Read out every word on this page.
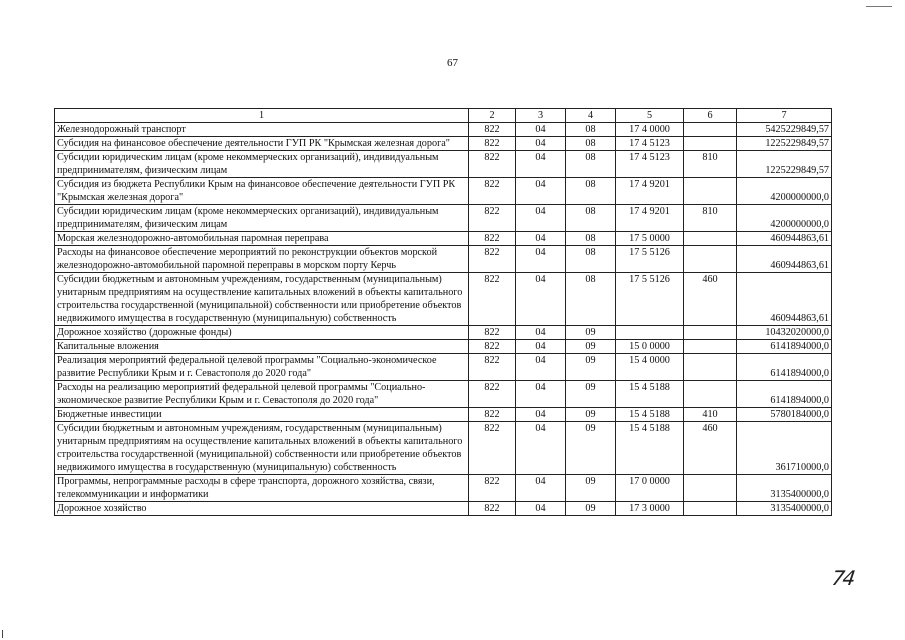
67
1	2	3	4	5	6	7
Железнодорожный транспорт	822	04	08	17 4 0000		5425229849,57
Субсидия на финансовое обеспечение деятельности ГУП РК "Крымская железная дорога"	822	04	08	17 4 5123		1225229849,57
Субсидии юридическим лицам (кроме некоммерческих организаций), индивидуальным предпринимателям, физическим лицам	822	04	08	17 4 5123	810	1225229849,57
Субсидия из бюджета Республики Крым на финансовое обеспечение деятельности ГУП РК "Крымская железная дорога"	822	04	08	17 4 9201		4200000000,0
Субсидии юридическим лицам (кроме некоммерческих организаций), индивидуальным предпринимателям, физическим лицам	822	04	08	17 4 9201	810	4200000000,0
Морская железнодорожно-автомобильная паромная переправа	822	04	08	17 5 0000		460944863,61
Расходы на финансовое обеспечение мероприятий по реконструкции объектов морской железнодорожно-автомобильной паромной переправы в морском порту Керчь	822	04	08	17 5 5126		460944863,61
Субсидии бюджетным и автономным учреждениям, государственным (муниципальным) унитарным предприятиям на осуществление капитальных вложений в объекты капитального строительства государственной (муниципальной) собственности или приобретение объектов недвижимого имущества в государственную (муниципальную) собственность	822	04	08	17 5 5126	460	460944863,61
Дорожное хозяйство (дорожные фонды)	822	04	09			10432020000,0
Капитальные вложения	822	04	09	15 0 0000		6141894000,0
Реализация мероприятий федеральной целевой программы "Социально-экономическое развитие Республики Крым и г. Севастополя до 2020 года"	822	04	09	15 4 0000		6141894000,0
Расходы на реализацию мероприятий федеральной целевой программы "Социально-экономическое развитие Республики Крым и г. Севастополя до 2020 года"	822	04	09	15 4 5188		6141894000,0
Бюджетные инвестиции	822	04	09	15 4 5188	410	5780184000,0
Субсидии бюджетным и автономным учреждениям, государственным (муниципальным) унитарным предприятиям на осуществление капитальных вложений в объекты капитального строительства государственной (муниципальной) собственности или приобретение объектов недвижимого имущества в государственную (муниципальную) собственность	822	04	09	15 4 5188	460	361710000,0
Программы, непрограммные расходы в сфере транспорта, дорожного хозяйства, связи, телекоммуникации и информатики	822	04	09	17 0 0000		3135400000,0
Дорожное хозяйство	822	04	09	17 3 0000		3135400000,0
74
